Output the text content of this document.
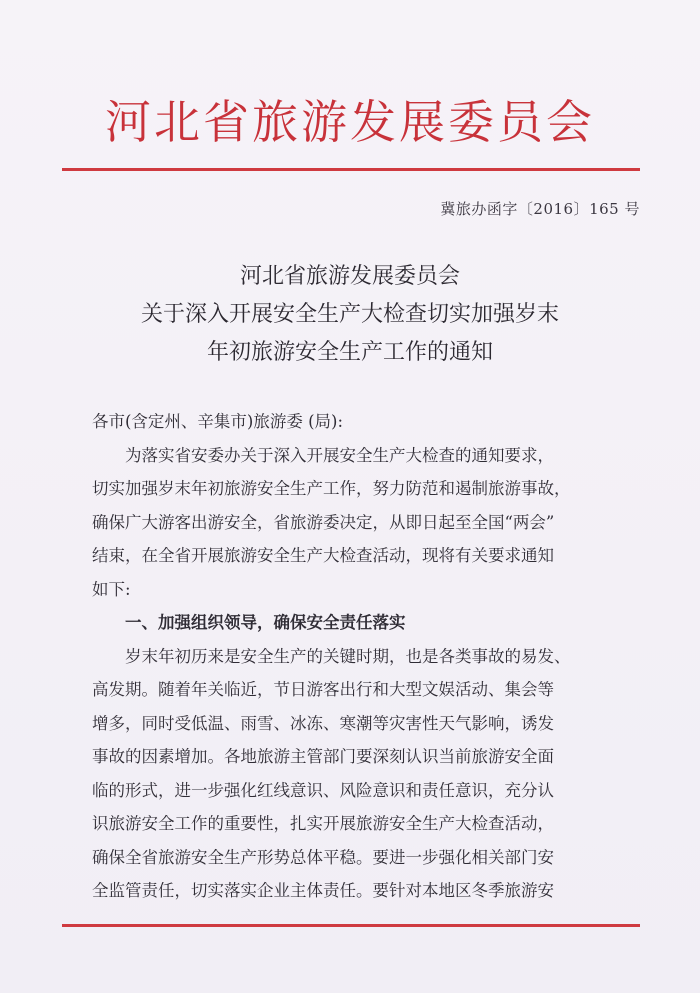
河北省旅游发展委员会
冀旅办函字〔2016〕165 号
河北省旅游发展委员会
关于深入开展安全生产大检查切实加强岁末
年初旅游安全生产工作的通知
各市(含定州、辛集市)旅游委 (局):
为落实省安委办关于深入开展安全生产大检查的通知要求，
切实加强岁末年初旅游安全生产工作，努力防范和遏制旅游事故，
确保广大游客出游安全，省旅游委决定，从即日起至全国“两会”
结束，在全省开展旅游安全生产大检查活动，现将有关要求通知
如下:
一、加强组织领导，确保安全责任落实
岁末年初历来是安全生产的关键时期，也是各类事故的易发、
高发期。随着年关临近，节日游客出行和大型文娱活动、集会等
增多，同时受低温、雨雪、冰冻、寒潮等灾害性天气影响，诱发
事故的因素增加。各地旅游主管部门要深刻认识当前旅游安全面
临的形式，进一步强化红线意识、风险意识和责任意识，充分认
识旅游安全工作的重要性，扎实开展旅游安全生产大检查活动，
确保全省旅游安全生产形势总体平稳。要进一步强化相关部门安
全监管责任，切实落实企业主体责任。要针对本地区冬季旅游安
